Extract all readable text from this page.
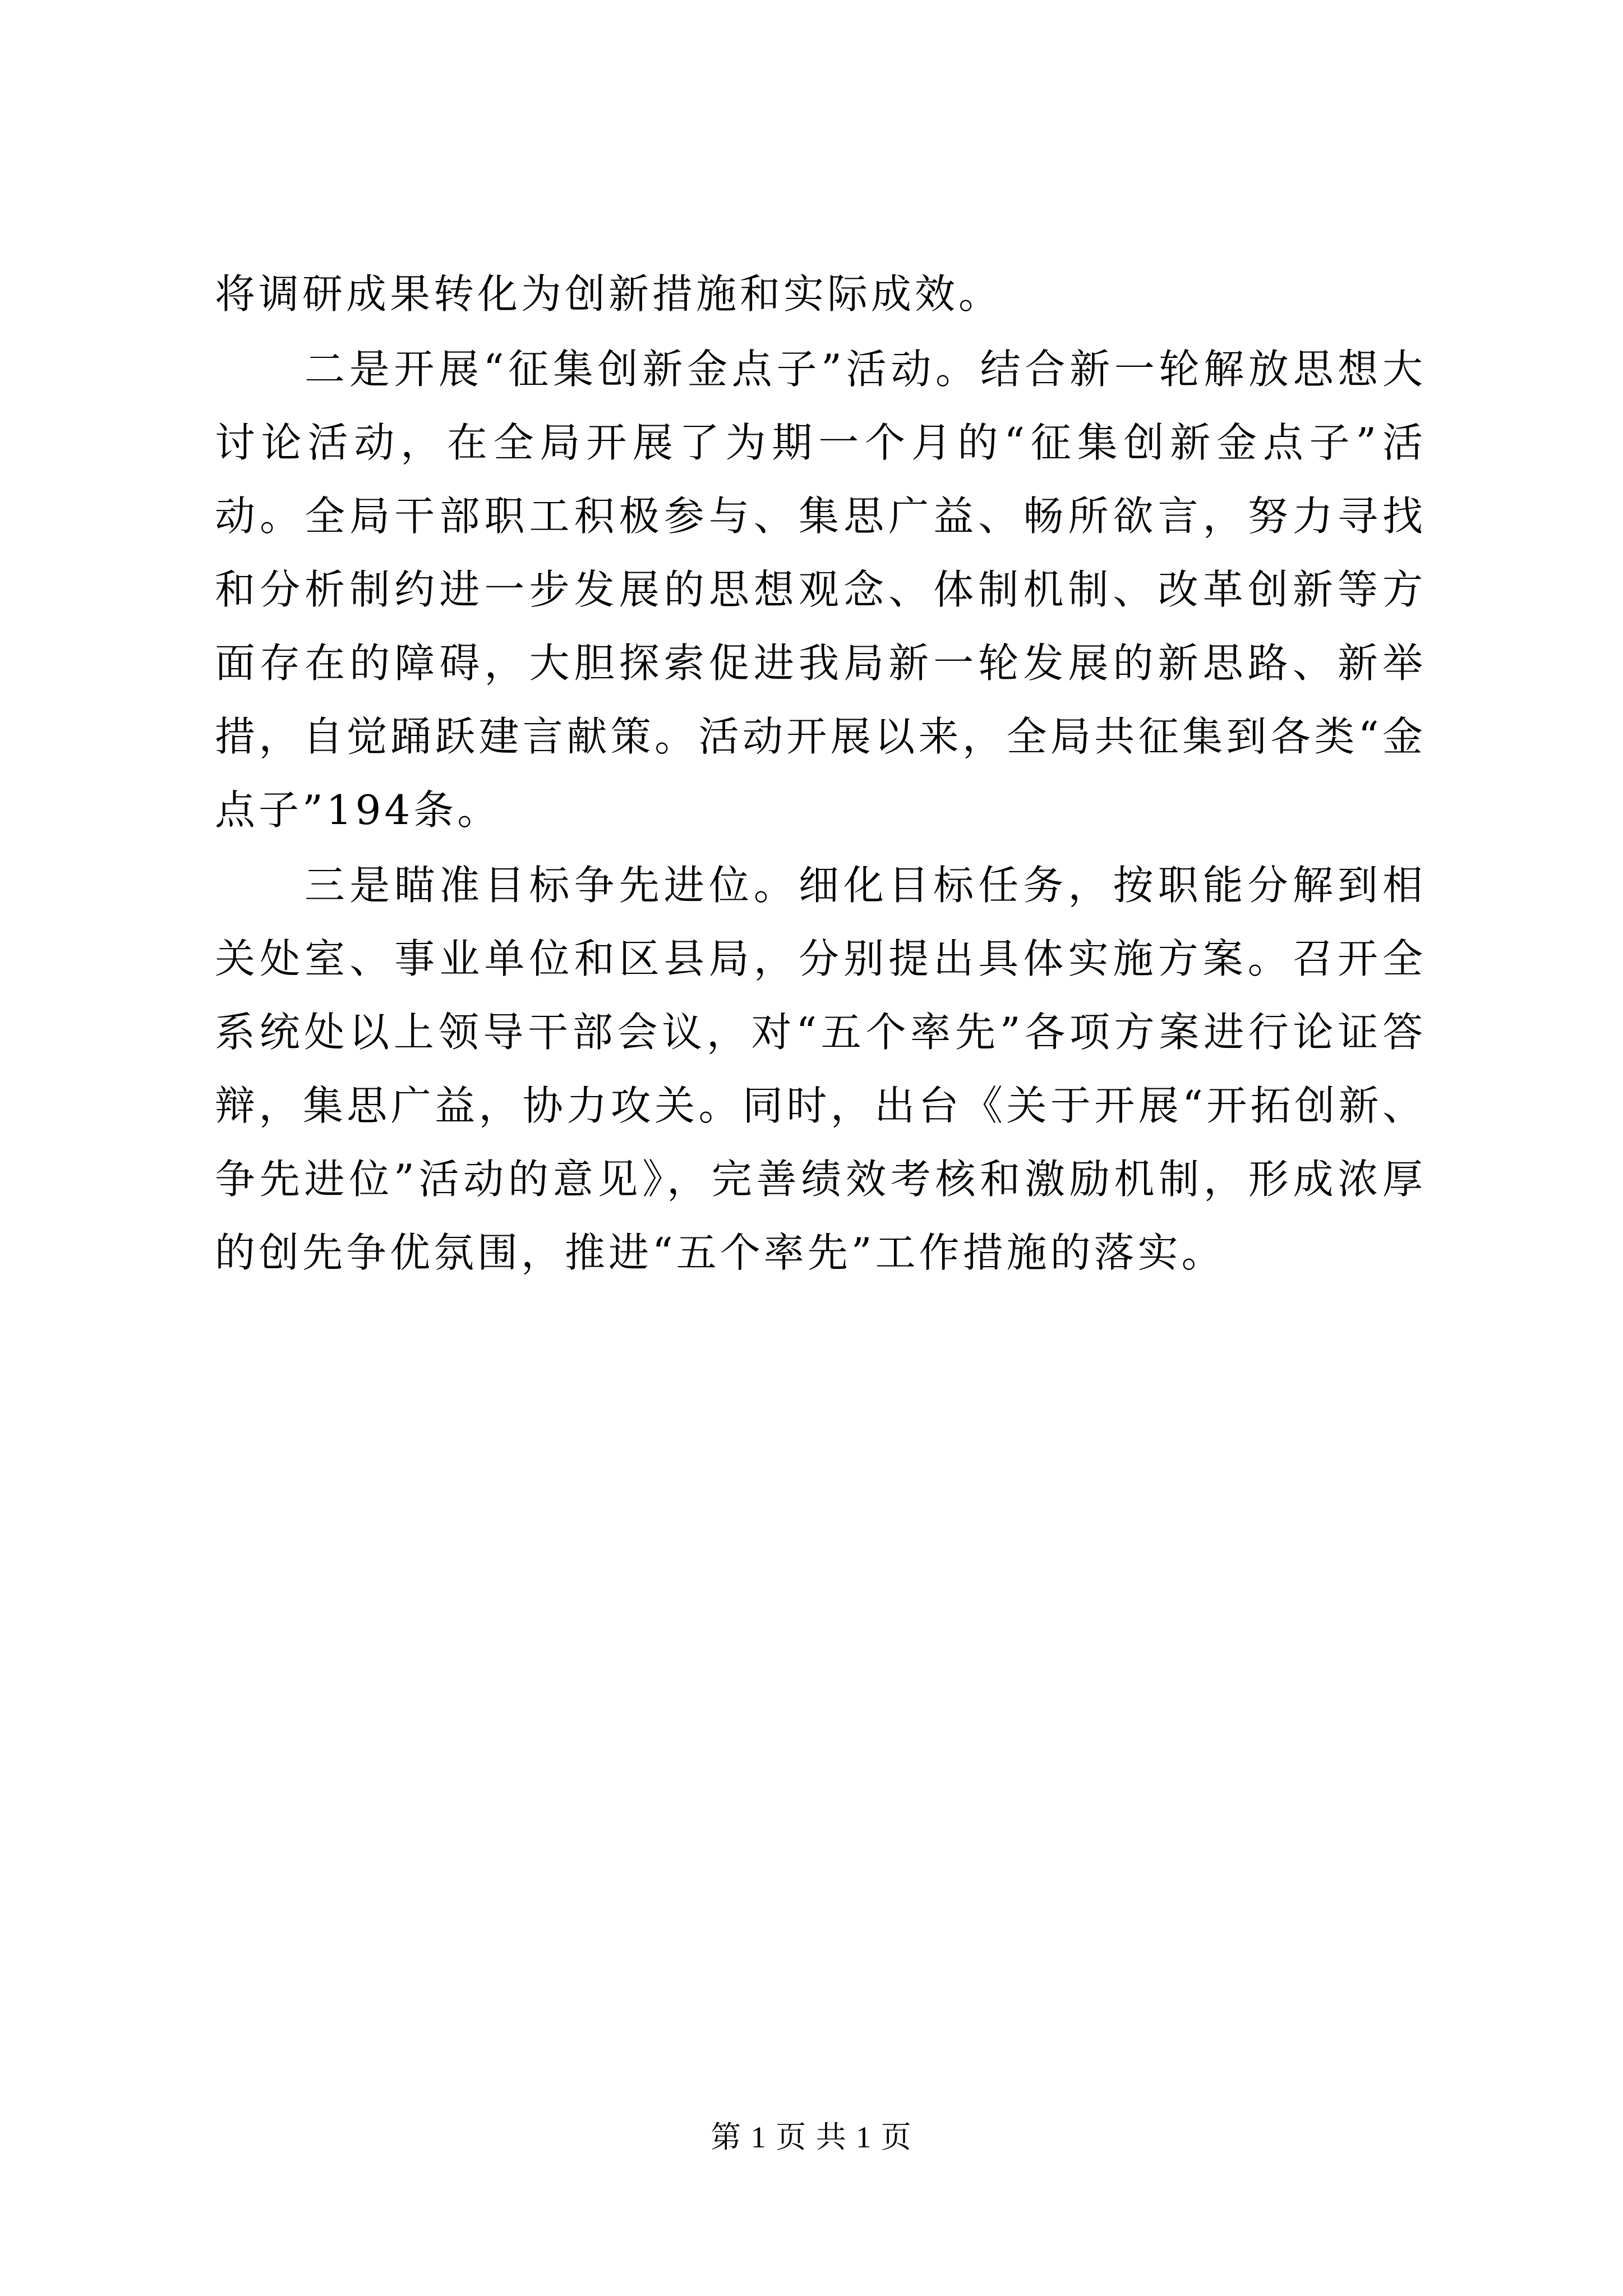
将调研成果转化为创新措施和实际成效。

二是开展“征集创新金点子”活动。结合新一轮解放思想大讨论活动，在全局开展了为期一个月的“征集创新金点子”活动。全局干部职工积极参与、集思广益、畅所欲言，努力寻找和分析制约进一步发展的思想观念、体制机制、改革创新等方面存在的障碍，大胆探索促进我局新一轮发展的新思路、新举措，自觉踊跃建言献策。活动开展以来，全局共征集到各类“金点子”194条。

三是瞄准目标争先进位。细化目标任务，按职能分解到相关处室、事业单位和区县局，分别提出具体实施方案。召开全系统处以上领导干部会议，对“五个率先”各项方案进行论证答辩，集思广益，协力攻关。同时，出台《关于开展“开拓创新、争先进位”活动的意见》，完善绩效考核和激励机制，形成浓厚的创先争优氛围，推进“五个率先”工作措施的落实。

第 1 页 共 1 页
